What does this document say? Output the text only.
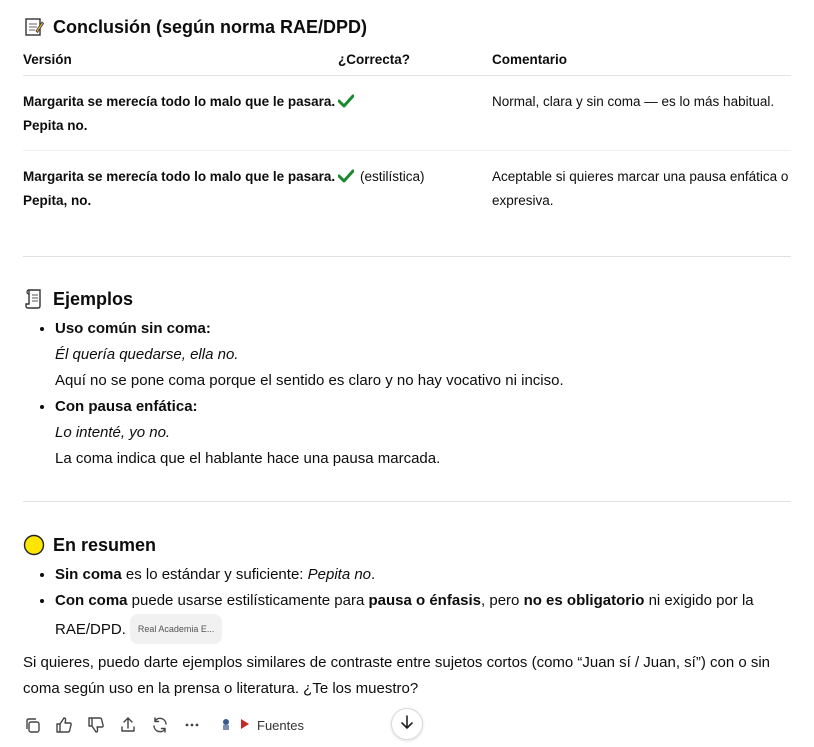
Conclusión (según norma RAE/DPD)
Versión	¿Correcta?	Comentario
Margarita se merecía todo lo malo que le pasara. Pepita no.		Normal, clara y sin coma — es lo más habitual.
Margarita se merecía todo lo malo que le pasara. Pepita, no.	(estilística)	Aceptable si quieres marcar una pausa enfática o expresiva.
Ejemplos
• Uso común sin coma:
Él quería quedarse, ella no.
Aquí no se pone coma porque el sentido es claro y no hay vocativo ni inciso.
• Con pausa enfática:
Lo intenté, yo no.
La coma indica que el hablante hace una pausa marcada.
En resumen
• Sin coma es lo estándar y suficiente: Pepita no.
• Con coma puede usarse estilísticamente para pausa o énfasis, pero no es obligatorio ni exigido por la RAE/DPD. Real Academia E...
Si quieres, puedo darte ejemplos similares de contraste entre sujetos cortos (como “Juan sí / Juan, sí”) con o sin coma según uso en la prensa o literatura. ¿Te los muestro?
Fuentes
